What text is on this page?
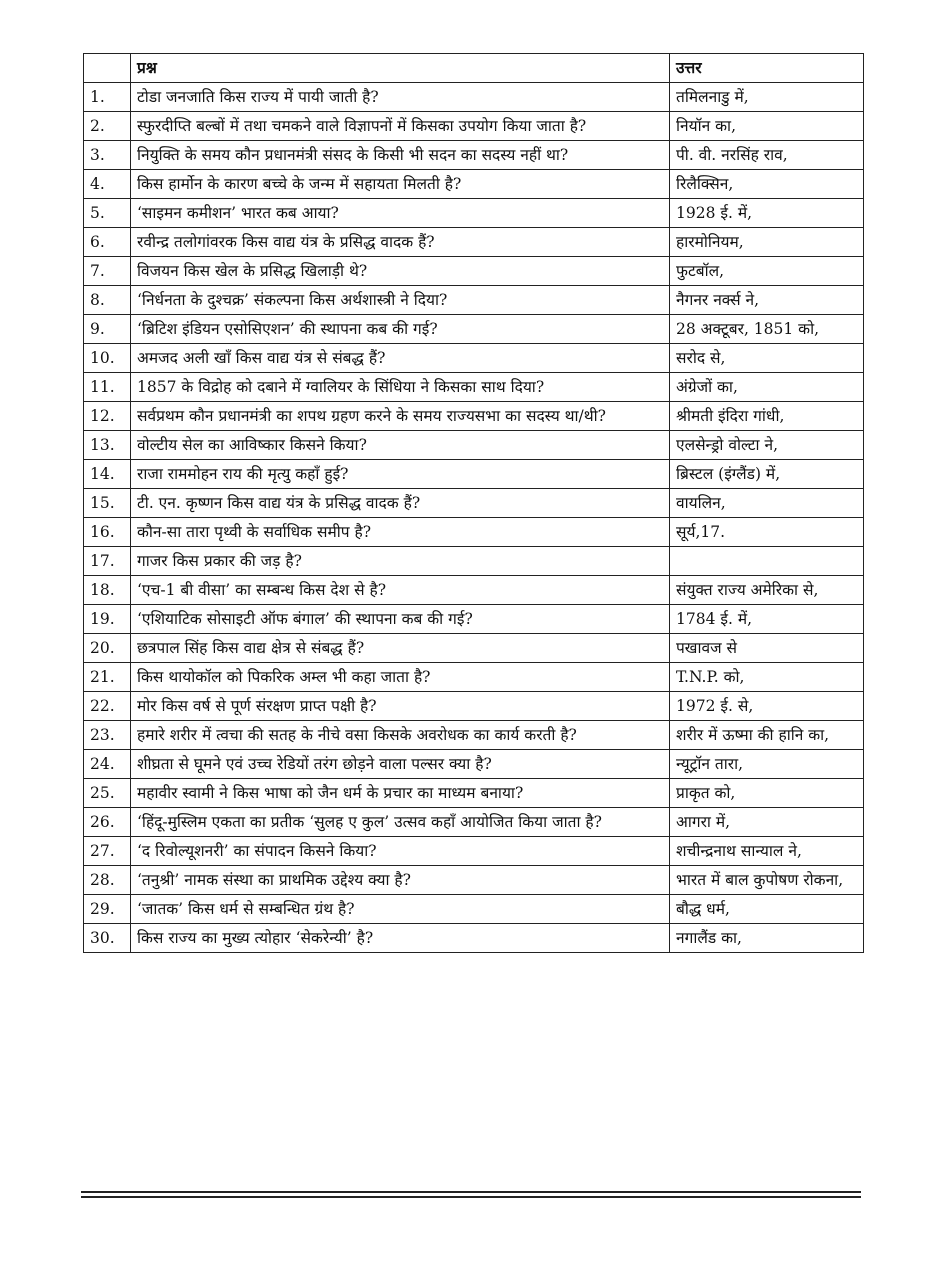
	प्रश्न	उत्तर
1.	टोडा जनजाति किस राज्य में पायी जाती है?	तमिलनाडु में,
2.	स्फुरदीप्ति बल्बों में तथा चमकने वाले विज्ञापनों में किसका उपयोग किया जाता है?	नियॉन का,
3.	नियुक्ति के समय कौन प्रधानमंत्री संसद के किसी भी सदन का सदस्य नहीं था?	पी. वी. नरसिंह राव,
4.	किस हार्मोन के कारण बच्चे के जन्म में सहायता मिलती है?	रिलैक्सिन,
5.	‘साइमन कमीशन’ भारत कब आया?	1928 ई. में,
6.	रवीन्द्र तलोगांवरक किस वाद्य यंत्र के प्रसिद्ध वादक हैं?	हारमोनियम,
7.	विजयन किस खेल के प्रसिद्ध खिलाड़ी थे?	फुटबॉल,
8.	‘निर्धनता के दुश्चक्र’ संकल्पना किस अर्थशास्त्री ने दिया?	नैगनर नर्क्स ने,
9.	‘ब्रिटिश इंडियन एसोसिएशन’ की स्थापना कब की गई?	28 अक्टूबर, 1851 को,
10.	अमजद अली खाँ किस वाद्य यंत्र से संबद्ध हैं?	सरोद से,
11.	1857 के विद्रोह को दबाने में ग्वालियर के सिंधिया ने किसका साथ दिया?	अंग्रेजों का,
12.	सर्वप्रथम कौन प्रधानमंत्री का शपथ ग्रहण करने के समय राज्यसभा का सदस्य था/थी?	श्रीमती इंदिरा गांधी,
13.	वोल्टीय सेल का आविष्कार किसने किया?	एलसेन्ड्रो वोल्टा ने,
14.	राजा राममोहन राय की मृत्यु कहाँ हुई?	ब्रिस्टल (इंग्लैंड) में,
15.	टी. एन. कृष्णन किस वाद्य यंत्र के प्रसिद्ध वादक हैं?	वायलिन,
16.	कौन-सा तारा पृथ्वी के सर्वाधिक समीप है?	सूर्य,17.
17.	गाजर किस प्रकार की जड़ है?	
18.	‘एच-1 बी वीसा’ का सम्बन्ध किस देश से है?	संयुक्त राज्य अमेरिका से,
19.	‘एशियाटिक सोसाइटी ऑफ बंगाल’ की स्थापना कब की गई?	1784 ई. में,
20.	छत्रपाल सिंह किस वाद्य क्षेत्र से संबद्ध हैं?	पखावज से
21.	किस थायोकॉल को पिकरिक अम्ल भी कहा जाता है?	T.N.P. को,
22.	मोर किस वर्ष से पूर्ण संरक्षण प्राप्त पक्षी है?	1972 ई. से,
23.	हमारे शरीर में त्वचा की सतह के नीचे वसा किसके अवरोधक का कार्य करती है?	शरीर में ऊष्मा की हानि का,
24.	शीघ्रता से घूमने एवं उच्च रेडियों तरंग छोड़ने वाला पल्सर क्या है?	न्यूट्रॉन तारा,
25.	महावीर स्वामी ने किस भाषा को जैन धर्म के प्रचार का माध्यम बनाया?	प्राकृत को,
26.	‘हिंदू-मुस्लिम एकता का प्रतीक ‘सुलह ए कुल’ उत्सव कहाँ आयोजित किया जाता है?	आगरा में,
27.	‘द रिवोल्यूशनरी’ का संपादन किसने किया?	शचीन्द्रनाथ सान्याल ने,
28.	‘तनुश्री’ नामक संस्था का प्राथमिक उद्देश्य क्या है?	भारत में बाल कुपोषण रोकना,
29.	‘जातक’ किस धर्म से सम्बन्धित ग्रंथ है?	बौद्ध धर्म,
30.	किस राज्य का मुख्य त्योहार ‘सेकरेन्यी’ है?	नगालैंड का,
